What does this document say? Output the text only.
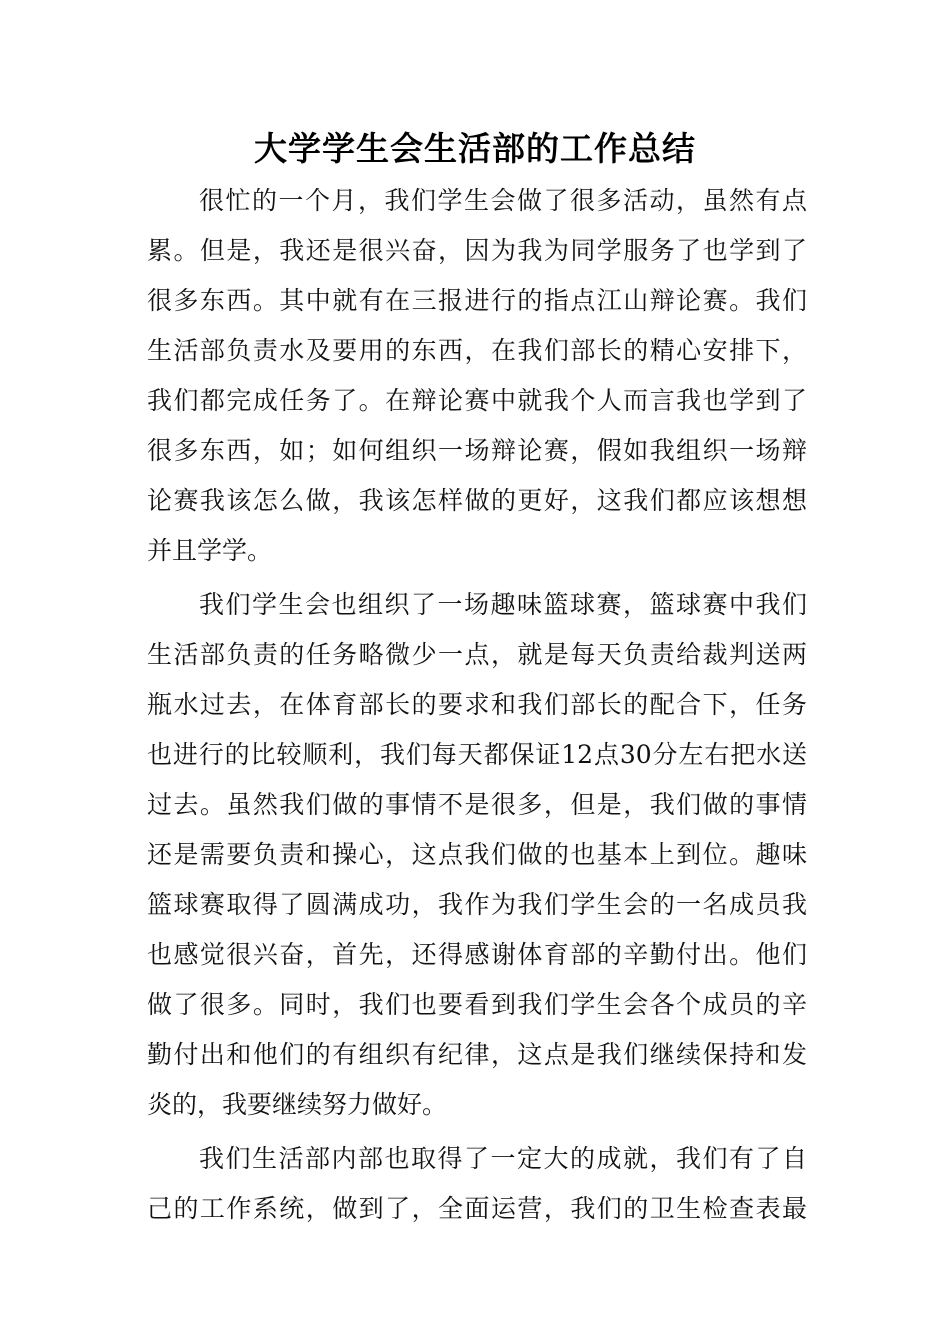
大学学生会生活部的工作总结
很忙的一个月，我们学生会做了很多活动，虽然有点
累。但是，我还是很兴奋，因为我为同学服务了也学到了
很多东西。其中就有在三报进行的指点江山辩论赛。我们
生活部负责水及要用的东西，在我们部长的精心安排下，
我们都完成任务了。在辩论赛中就我个人而言我也学到了
很多东西，如；如何组织一场辩论赛，假如我组织一场辩
论赛我该怎么做，我该怎样做的更好，这我们都应该想想
并且学学。
我们学生会也组织了一场趣味篮球赛，篮球赛中我们
生活部负责的任务略微少一点，就是每天负责给裁判送两
瓶水过去，在体育部长的要求和我们部长的配合下，任务
也进行的比较顺利，我们每天都保证12点30分左右把水送
过去。虽然我们做的事情不是很多，但是，我们做的事情
还是需要负责和操心，这点我们做的也基本上到位。趣味
篮球赛取得了圆满成功，我作为我们学生会的一名成员我
也感觉很兴奋，首先，还得感谢体育部的辛勤付出。他们
做了很多。同时，我们也要看到我们学生会各个成员的辛
勤付出和他们的有组织有纪律，这点是我们继续保持和发
炎的，我要继续努力做好。
我们生活部内部也取得了一定大的成就，我们有了自
己的工作系统，做到了，全面运营，我们的卫生检查表最
